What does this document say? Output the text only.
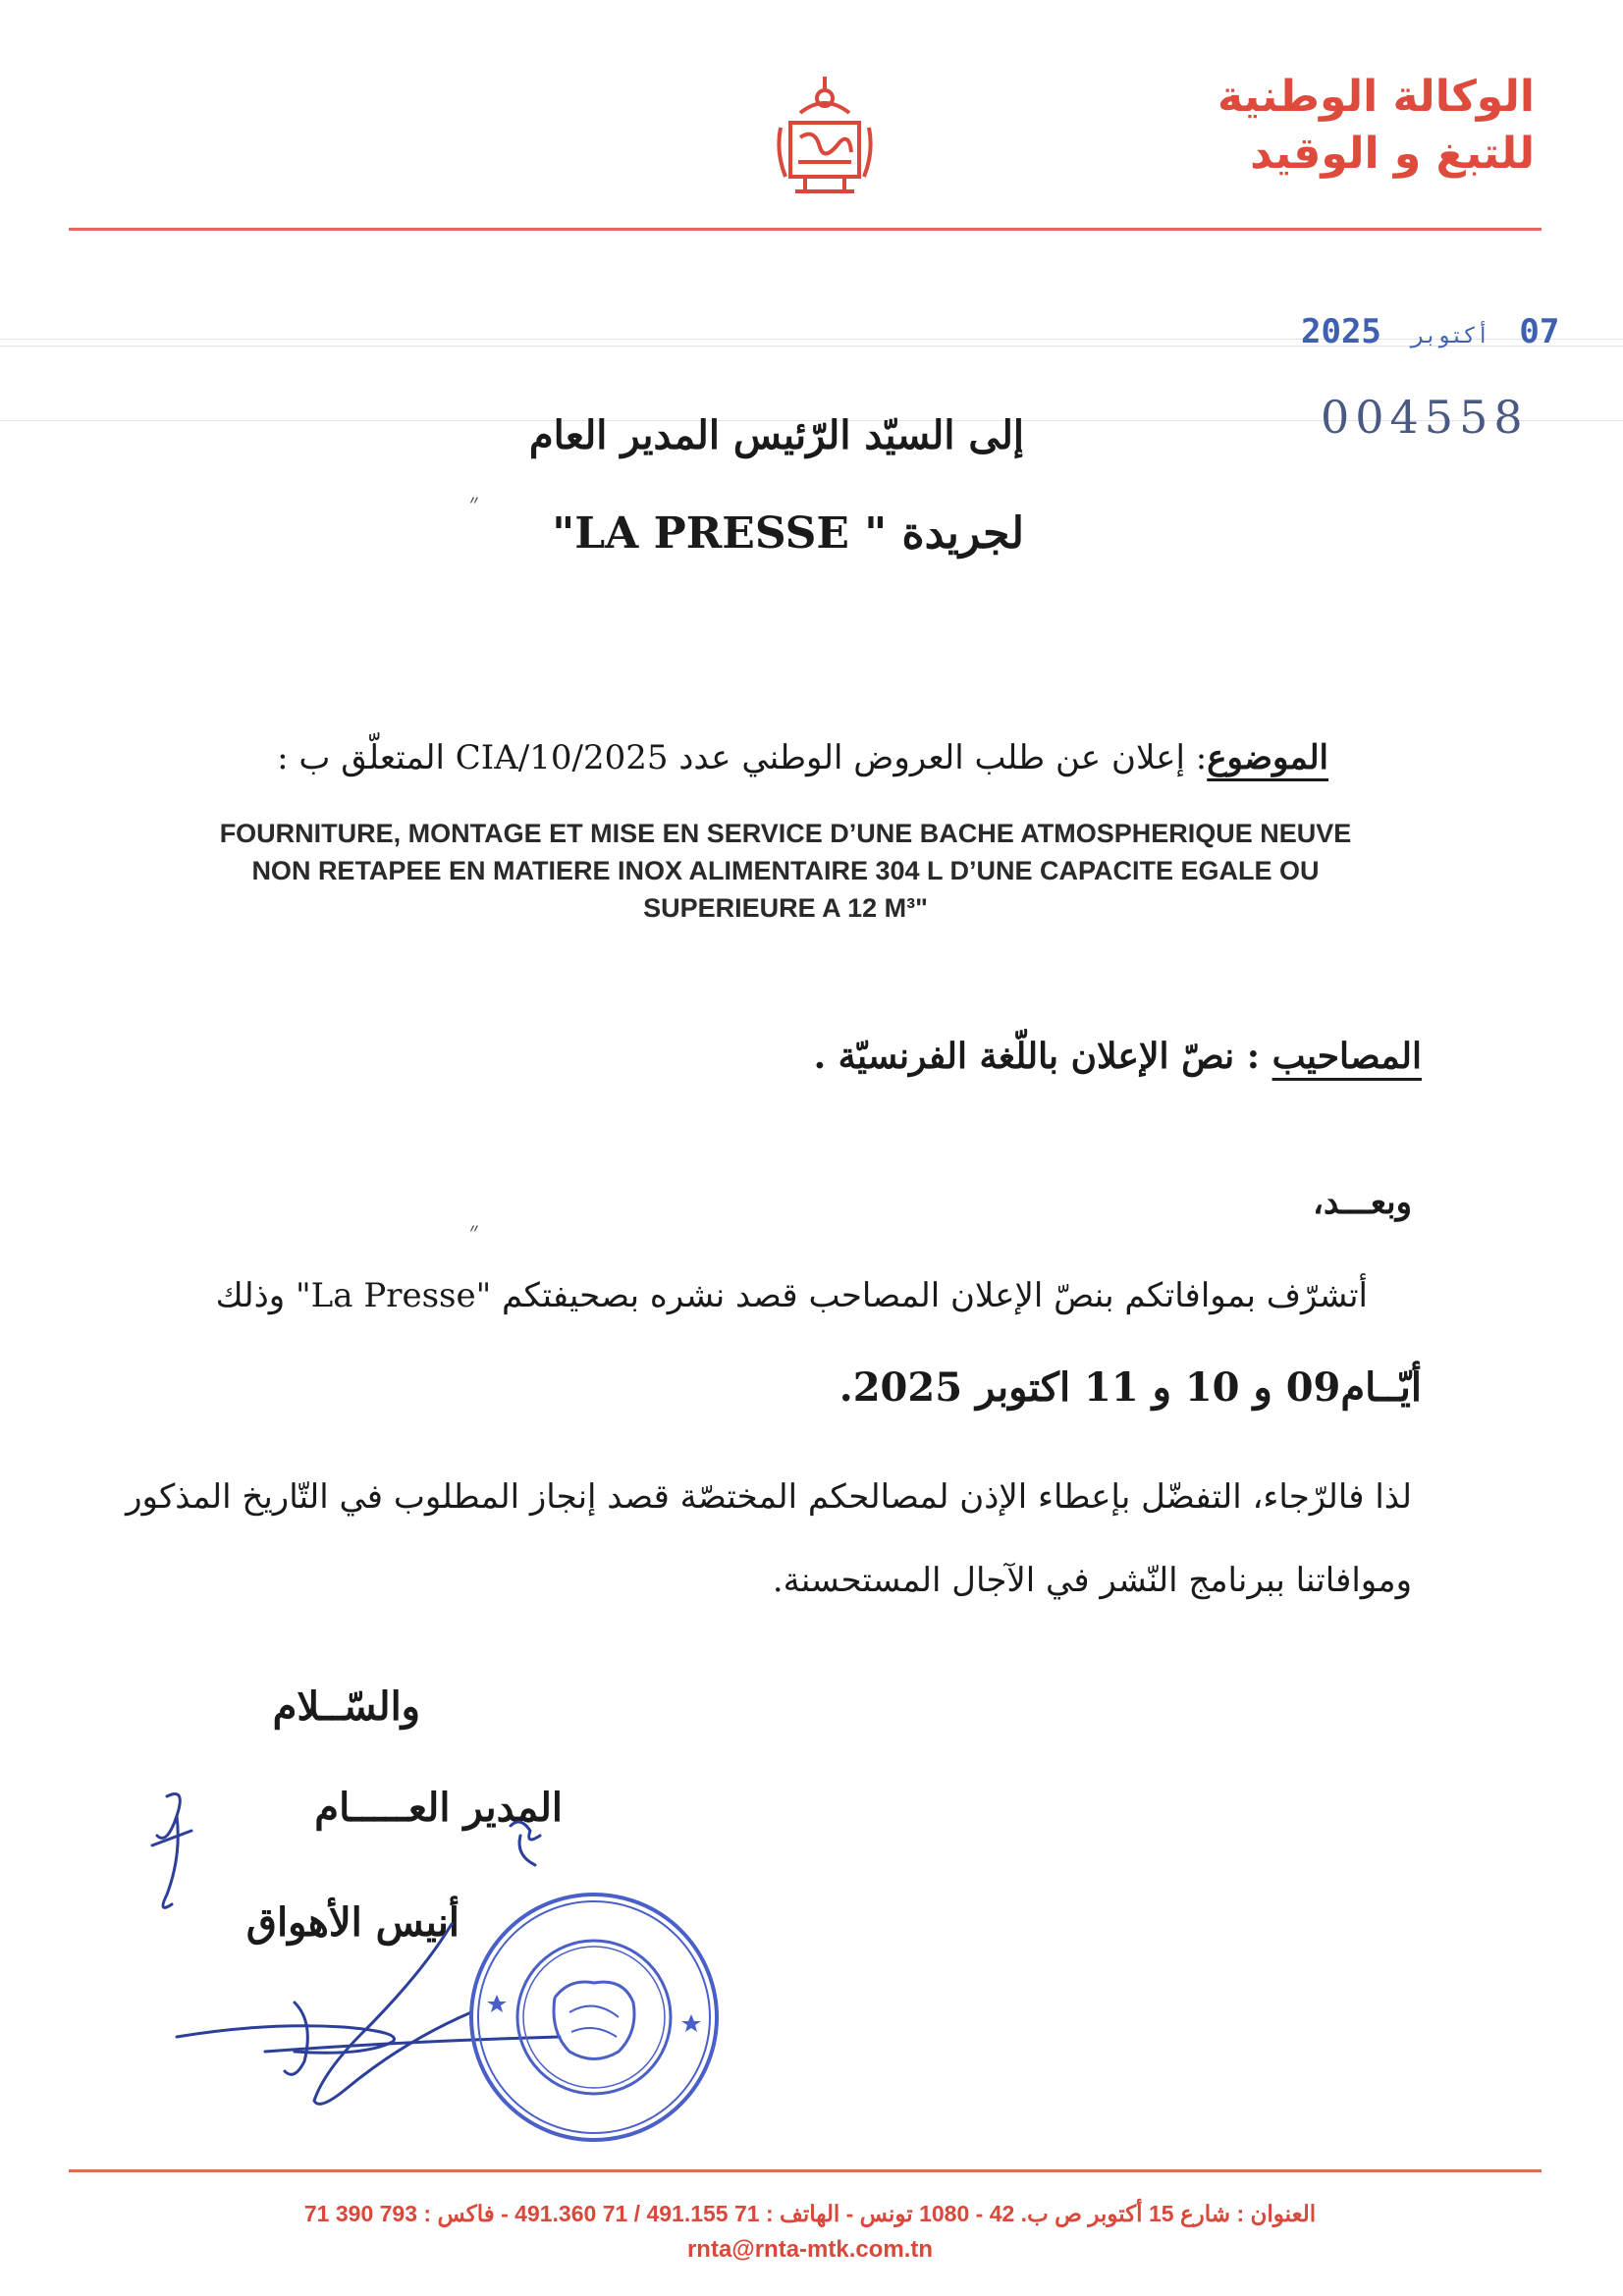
الوكالة الوطنية
للتبغ و الوقيد
2025 أكتوبر 07
004558
إلى السيّد الرّئيس المدير العام
״
لجريدة " LA PRESSE"
الموضوع: إعلان عن طلب العروض الوطني عدد 2025/CIA/10 المتعلّق ب :
FOURNITURE, MONTAGE ET MISE EN SERVICE D’UNE BACHE ATMOSPHERIQUE NEUVE
NON RETAPEE EN MATIERE INOX ALIMENTAIRE 304 L D’UNE CAPACITE EGALE OU
SUPERIEURE A 12 M³"
المصاحيب : نصّ الإعلان باللّغة الفرنسيّة .
״
وبعـــد،
أتشرّف بموافاتكم بنصّ الإعلان المصاحب قصد نشره بصحيفتكم "La Presse" وذلك
أيّــام09 و 10 و 11 اكتوبر 2025.
لذا فالرّجاء، التفضّل بإعطاء الإذن لمصالحكم المختصّة قصد إنجاز المطلوب في التّاريخ المذكور
وموافاتنا ببرنامج النّشر في الآجال المستحسنة.
والسّــلام
المدير العـــــام
أنيس الأهواق
العنوان : شارع 15 أكتوبر ص ب. 42 - 1080 تونس - الهاتف : 71 491.155 / 71 491.360 - فاكس : 793 390 71
rnta@rnta-mtk.com.tn
